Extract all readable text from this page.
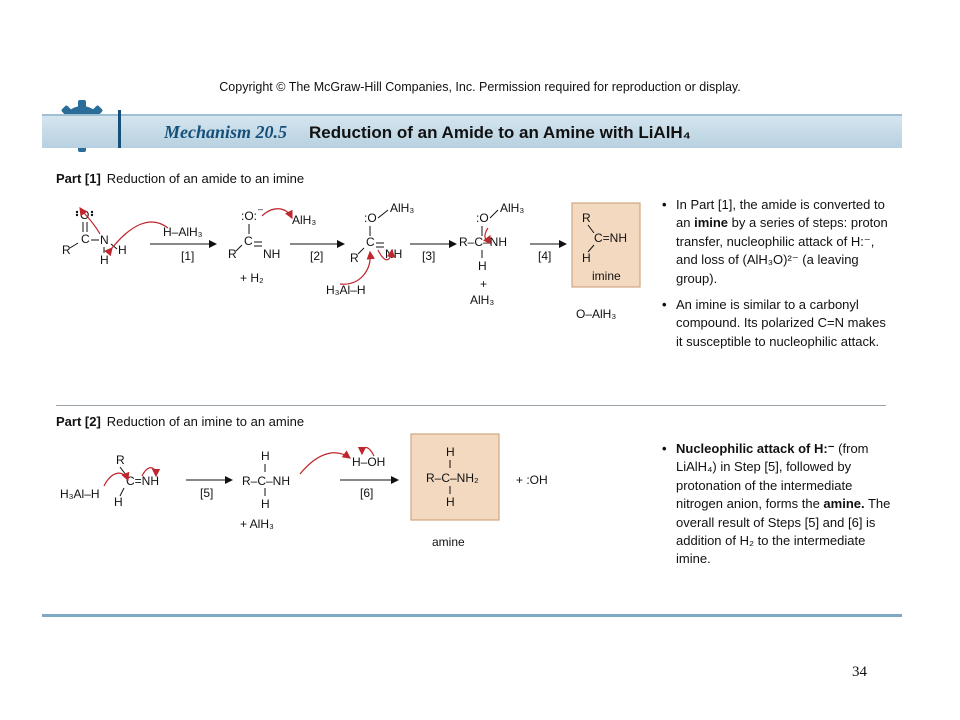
Copyright © The McGraw-Hill Companies, Inc. Permission required for reproduction or display.
Mechanism 20.5 Reduction of an Amide to an Amine with LiAlH₄
Part [1] Reduction of an amide to an imine
O
C
R
N
H
H
H–AlH₃
[1]
:O: –
C
R NH
AlH₃
+ H₂
[2]
AlH₃
:O
C
R NH
H₃Al–H
[3]
AlH₃
:O
R–C–NH
H
+
AlH₃
[4]
R
C=NH
H
imine
O–AlH₃
R
C=NH
H
H₃Al–H	[5]
H
R–C–NH
H
+ AlH₃
H–OH
[6]
H
R–C–NH₂
H
amine
+ :OH
• In Part [1], the amide is converted to an imine by a series of steps: proton transfer, nucleophilic attack of H:⁻, and loss of (AlH₃O)²⁻ (a leaving group).
• An imine is similar to a carbonyl compound. Its polarized C=N makes it susceptible to nucleophilic attack.
Part [2] Reduction of an imine to an amine
• Nucleophilic attack of H:⁻ (from LiAlH₄) in Step [5], followed by protonation of the intermediate nitrogen anion, forms the amine. The overall result of Steps [5] and [6] is addition of H₂ to the intermediate imine.
34
